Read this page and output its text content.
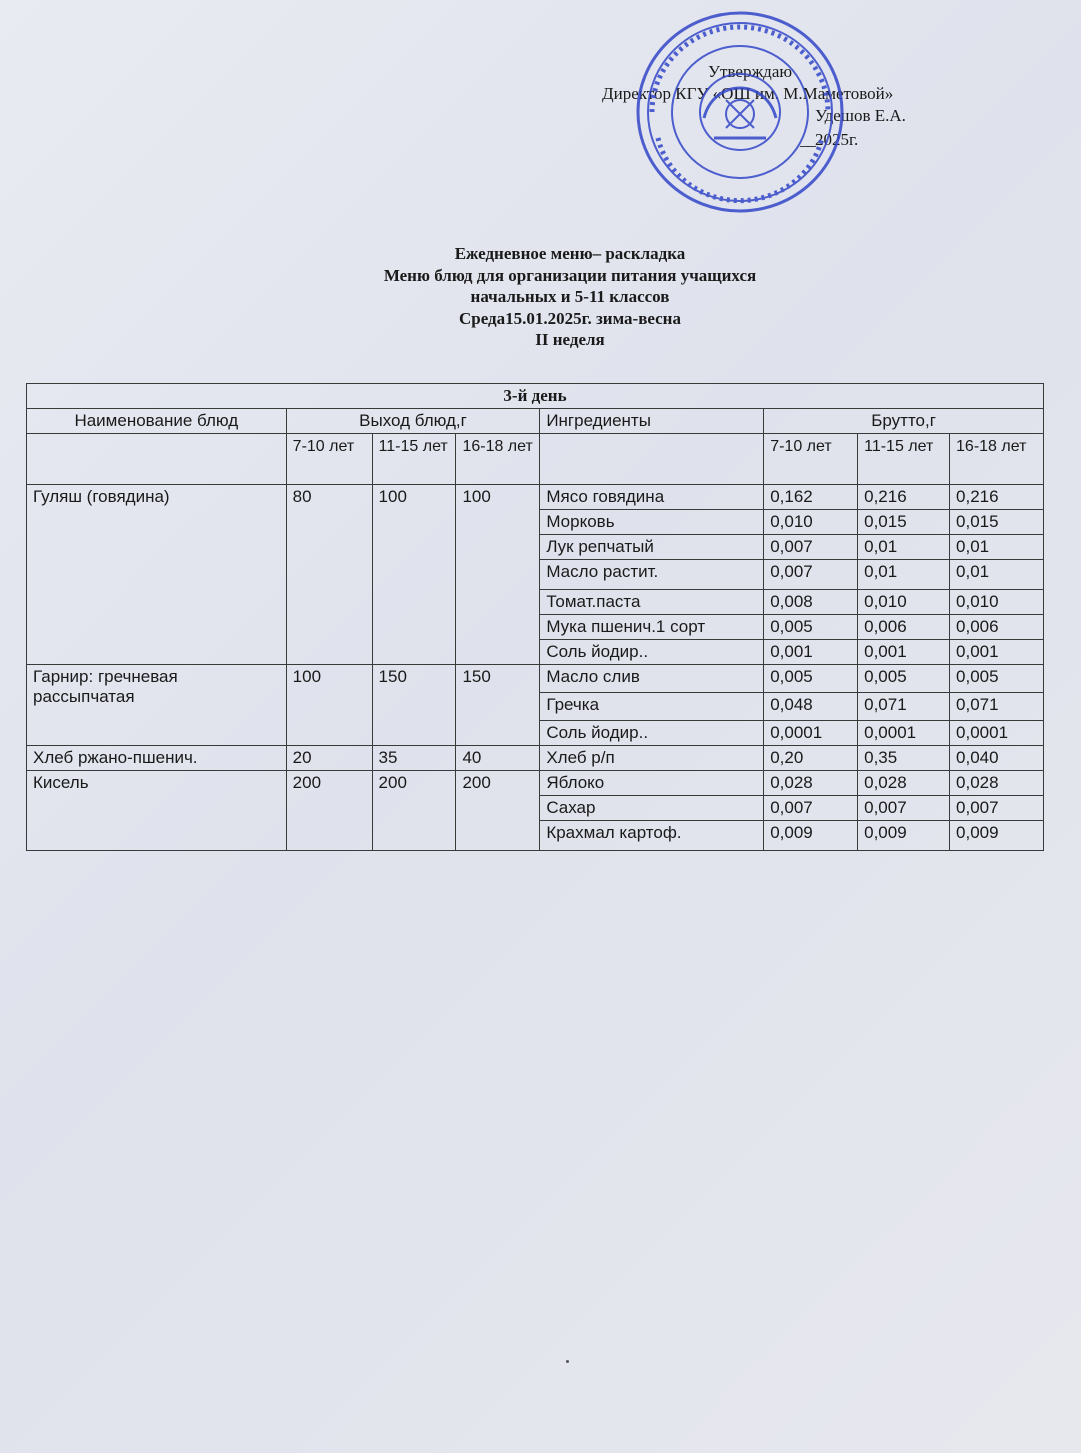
Утверждаю
Директор КГУ «ОШ им. М.Маметовой»
Удешов Е.А.
__2025г.
Ежедневное меню– раскладка
Меню блюд для организации питания учащихся
начальных и 5-11 классов
Среда15.01.2025г. зима-весна
II неделя
3-й день							
Наименование блюд	Выход блюд,г			Ингредиенты	Брутто,г		
	7-10 лет	11-15 лет	16-18 лет		7-10 лет	11-15 лет	16-18 лет
Гуляш (говядина)	80	100	100	Мясо говядина	0,162	0,216	0,216
				Морковь	0,010	0,015	0,015
				Лук репчатый	0,007	0,01	0,01
				Масло растит.	0,007	0,01	0,01
				Томат.паста	0,008	0,010	0,010
				Мука пшенич.1 сорт	0,005	0,006	0,006
				Соль йодир..	0,001	0,001	0,001
Гарнир: гречневая рассыпчатая	100	150	150	Масло слив	0,005	0,005	0,005
				Гречка	0,048	0,071	0,071
				Соль йодир..	0,0001	0,0001	0,0001
Хлеб ржано-пшенич.	20	35	40	Хлеб р/п	0,20	0,35	0,040
Кисель	200	200	200	Яблоко	0,028	0,028	0,028
				Сахар	0,007	0,007	0,007
				Крахмал картоф.	0,009	0,009	0,009
